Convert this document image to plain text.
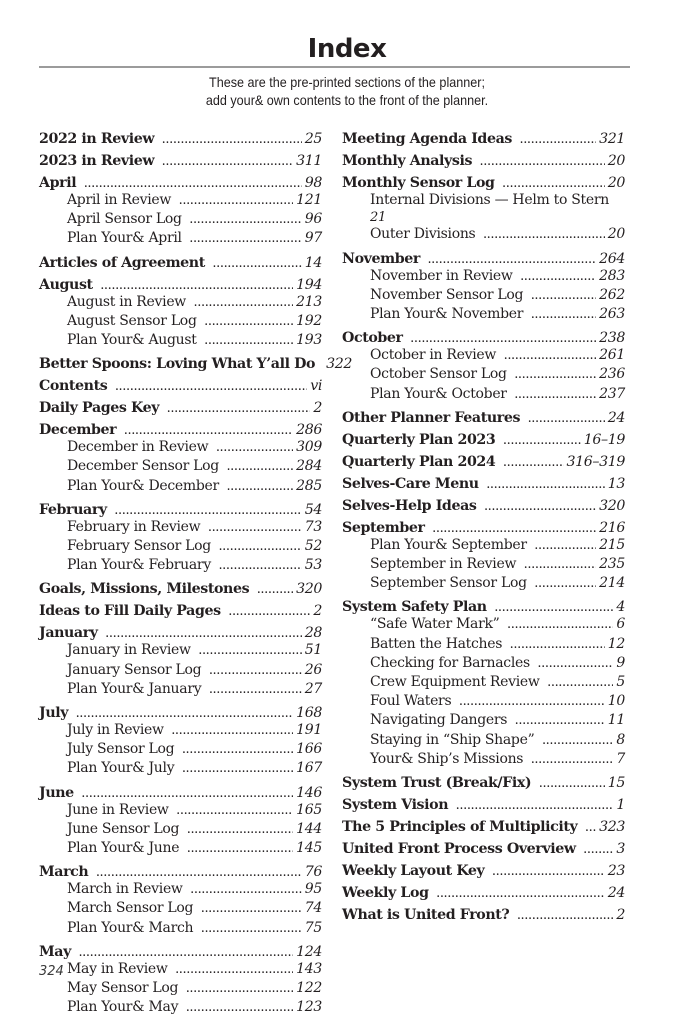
Index
These are the pre-printed sections of the planner;
add your& own contents to the front of the planner.
2022 in Review .....	25
2023 in Review .....	311
April .....	98
April in Review .....	121
April Sensor Log .....	96
Plan Your& April .....	97
Articles of Agreement .....	14
August .....	194
August in Review .....	213
August Sensor Log .....	192
Plan Your& August .....	193
Better Spoons: Loving What Y’all Do 322
Contents .....	vi
Daily Pages Key .....	2
December .....	286
December in Review .....	309
December Sensor Log .....	284
Plan Your& December .....	285
February .....	54
February in Review .....	73
February Sensor Log .....	52
Plan Your& February .....	53
Goals, Missions, Milestones .....	320
Ideas to Fill Daily Pages .....	2
January .....	28
January in Review .....	51
January Sensor Log .....	26
Plan Your& January .....	27
July .....	168
July in Review .....	191
July Sensor Log .....	166
Plan Your& July .....	167
June .....	146
June in Review .....	165
June Sensor Log .....	144
Plan Your& June .....	145
March .....	76
March in Review .....	95
March Sensor Log .....	74
Plan Your& March .....	75
May .....	124
May in Review .....	143
May Sensor Log .....	122
Plan Your& May .....	123
Meeting Agenda Ideas .....	321
Monthly Analysis .....	20
Monthly Sensor Log .....	20
Internal Divisions — Helm to Stern
21
Outer Divisions .....	20
November .....	264
November in Review .....	283
November Sensor Log .....	262
Plan Your& November .....	263
October .....	238
October in Review .....	261
October Sensor Log .....	236
Plan Your& October .....	237
Other Planner Features .....	24
Quarterly Plan 2023 .....	16–19
Quarterly Plan 2024 .....	316–319
Selves-Care Menu .....	13
Selves-Help Ideas .....	320
September .....	216
Plan Your& September .....	215
September in Review .....	235
September Sensor Log .....	214
System Safety Plan .....	4
“Safe Water Mark” .....	6
Batten the Hatches .....	12
Checking for Barnacles .....	9
Crew Equipment Review .....	5
Foul Waters .....	10
Navigating Dangers .....	11
Staying in “Ship Shape” .....	8
Your& Ship’s Missions .....	7
System Trust (Break/Fix) .....	15
System Vision .....	1
The 5 Principles of Multiplicity ..... 323
United Front Process Overview .....	3
Weekly Layout Key .....	23
Weekly Log .....	24
What is United Front? .....	2
324
